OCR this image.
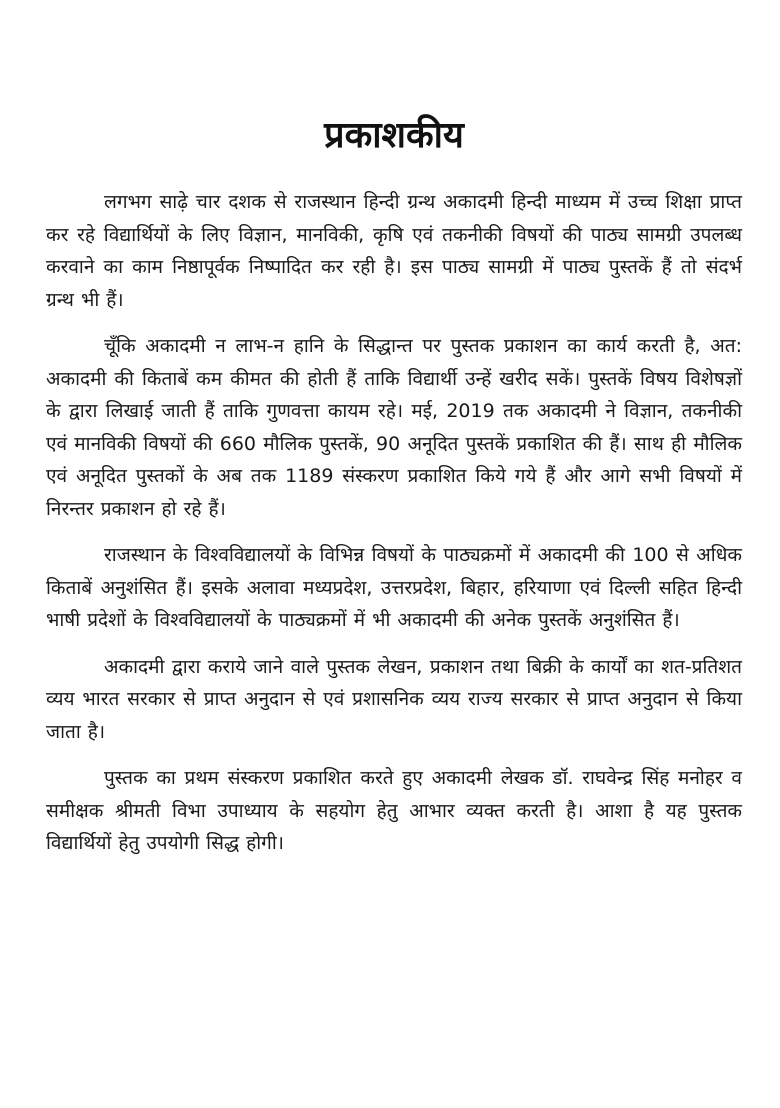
प्रकाशकीय

लगभग साढ़े चार दशक से राजस्थान हिन्दी ग्रन्थ अकादमी हिन्दी माध्यम में उच्च शिक्षा प्राप्त कर रहे विद्यार्थियों के लिए विज्ञान, मानविकी, कृषि एवं तकनीकी विषयों की पाठ्य सामग्री उपलब्ध करवाने का काम निष्ठापूर्वक निष्पादित कर रही है। इस पाठ्य सामग्री में पाठ्य पुस्तकें हैं तो संदर्भ ग्रन्थ भी हैं।

चूँकि अकादमी न लाभ-न हानि के सिद्धान्त पर पुस्तक प्रकाशन का कार्य करती है, अत: अकादमी की किताबें कम कीमत की होती हैं ताकि विद्यार्थी उन्हें खरीद सकें। पुस्तकें विषय विशेषज्ञों के द्वारा लिखाई जाती हैं ताकि गुणवत्ता कायम रहे। मई, 2019 तक अकादमी ने विज्ञान, तकनीकी एवं मानविकी विषयों की 660 मौलिक पुस्तकें, 90 अनूदित पुस्तकें प्रकाशित की हैं। साथ ही मौलिक एवं अनूदित पुस्तकों के अब तक 1189 संस्करण प्रकाशित किये गये हैं और आगे सभी विषयों में निरन्तर प्रकाशन हो रहे हैं।

राजस्थान के विश्वविद्यालयों के विभिन्न विषयों के पाठ्यक्रमों में अकादमी की 100 से अधिक किताबें अनुशंसित हैं। इसके अलावा मध्यप्रदेश, उत्तरप्रदेश, बिहार, हरियाणा एवं दिल्ली सहित हिन्दी भाषी प्रदेशों के विश्वविद्यालयों के पाठ्यक्रमों में भी अकादमी की अनेक पुस्तकें अनुशंसित हैं।

अकादमी द्वारा कराये जाने वाले पुस्तक लेखन, प्रकाशन तथा बिक्री के कार्यों का शत-प्रतिशत व्यय भारत सरकार से प्राप्त अनुदान से एवं प्रशासनिक व्यय राज्य सरकार से प्राप्त अनुदान से किया जाता है।

पुस्तक का प्रथम संस्करण प्रकाशित करते हुए अकादमी लेखक डॉ. राघवेन्द्र सिंह मनोहर व समीक्षक श्रीमती विभा उपाध्याय के सहयोग हेतु आभार व्यक्त करती है। आशा है यह पुस्तक विद्यार्थियों हेतु उपयोगी सिद्ध होगी।
